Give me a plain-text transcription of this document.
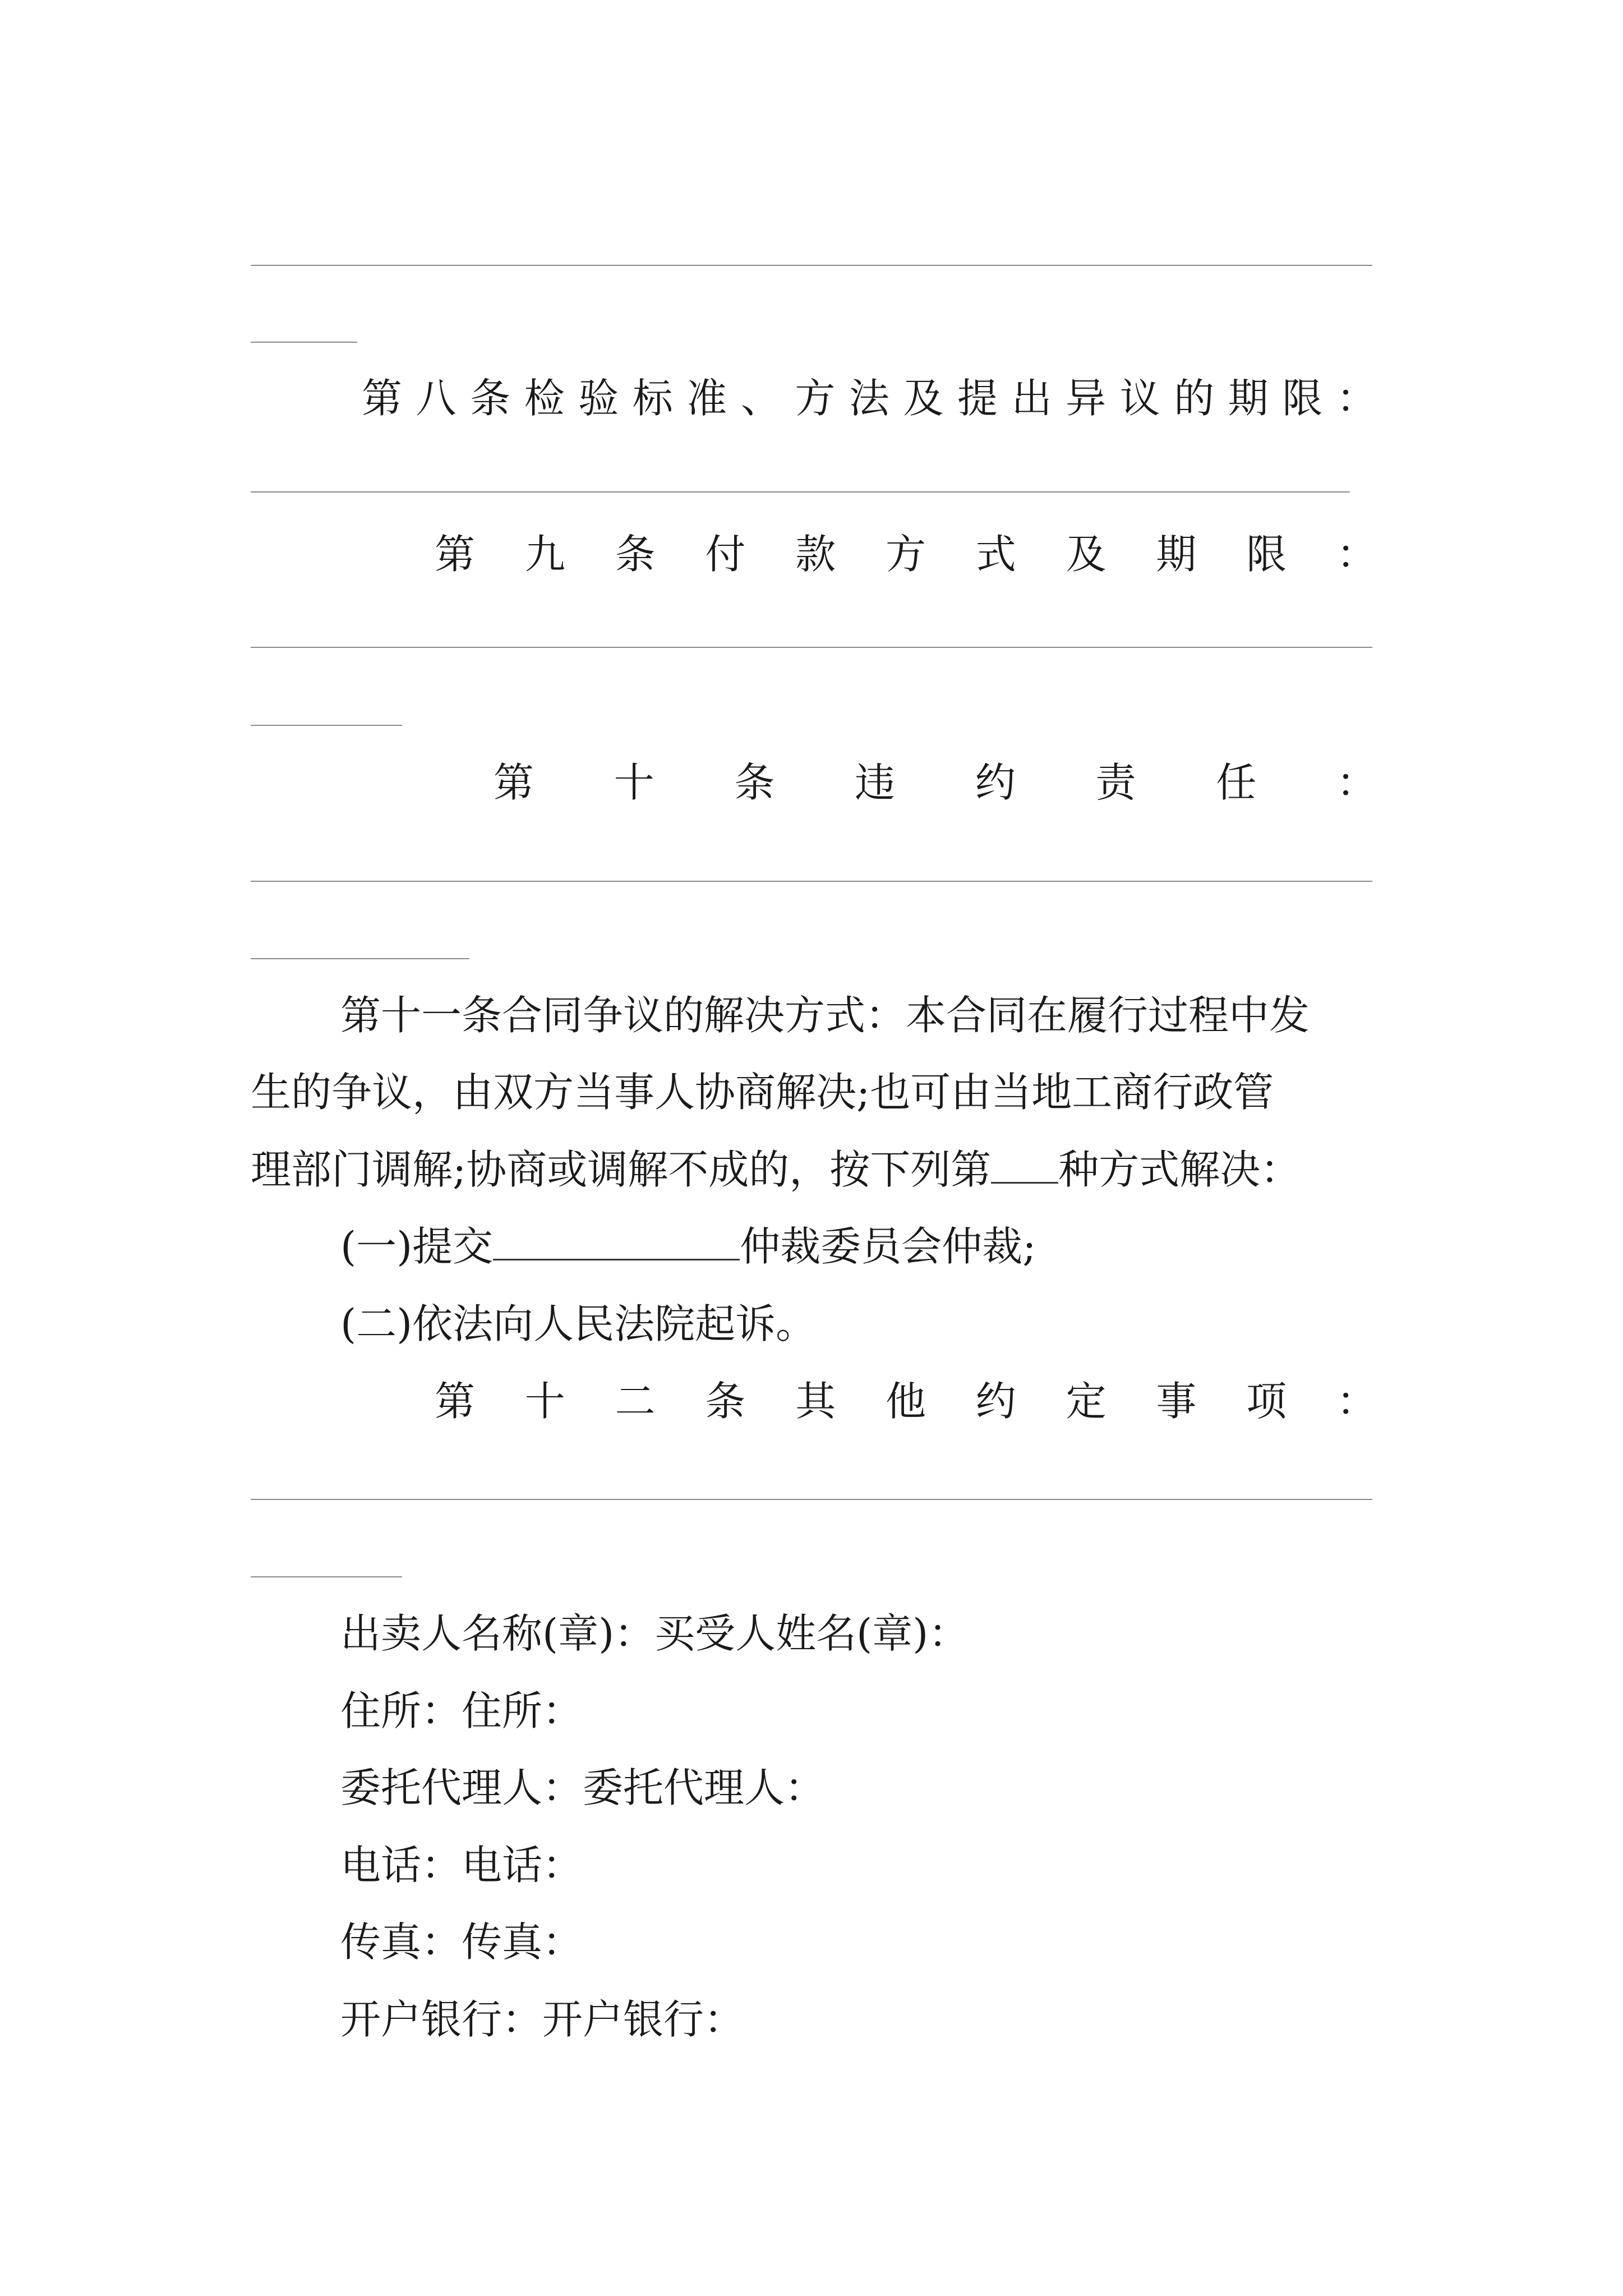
第 八 条 检 验 标 准 、 方 法 及 提 出 异 议 的 期 限 ：
第 九 条 付 款 方 式 及 期 限 ：
第 十 条 违 约 责 任 ：
第十一条合同争议的解决方式：本合同在履行过程中发
生的争议，由双方当事人协商解决;也可由当地工商行政管
理部门调解;协商或调解不成的，按下列第 种方式解决：
(一)提交	仲裁委员会仲裁;
(二)依法向人民法院起诉。
第 十 二 条 其 他 约 定 事 项 ：
出卖人名称(章)：买受人姓名(章)：
住所：住所：
委托代理人：委托代理人：
电话：电话：
传真：传真：
开户银行：开户银行：
